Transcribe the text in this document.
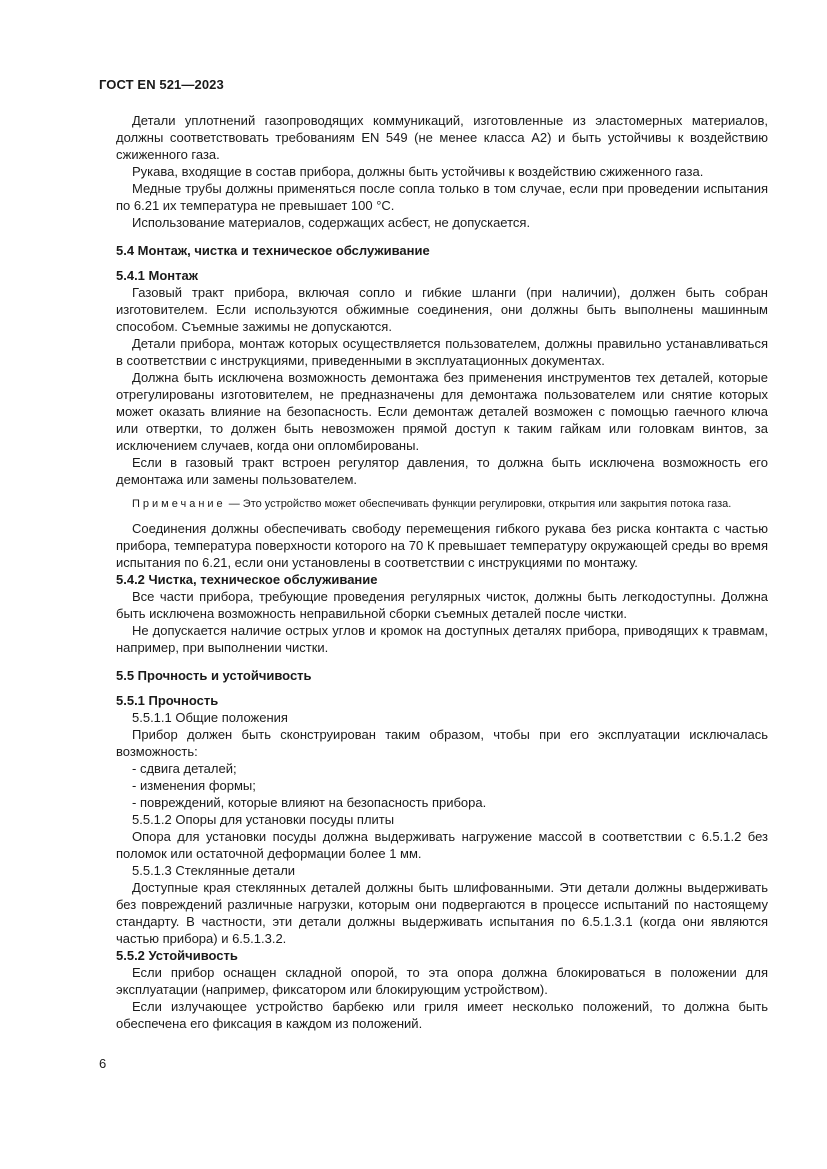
ГОСТ EN 521—2023

Детали уплотнений газопроводящих коммуникаций, изготовленные из эластомерных материалов, должны соответствовать требованиям EN 549 (не менее класса А2) и быть устойчивы к воздействию сжиженного газа.

Рукава, входящие в состав прибора, должны быть устойчивы к воздействию сжиженного газа.

Медные трубы должны применяться после сопла только в том случае, если при проведении испытания по 6.21 их температура не превышает 100 °С.

Использование материалов, содержащих асбест, не допускается.

5.4 Монтаж, чистка и техническое обслуживание

5.4.1 Монтаж

Газовый тракт прибора, включая сопло и гибкие шланги (при наличии), должен быть собран изготовителем. Если используются обжимные соединения, они должны быть выполнены машинным способом. Съемные зажимы не допускаются.

Детали прибора, монтаж которых осуществляется пользователем, должны правильно устанавливаться в соответствии с инструкциями, приведенными в эксплуатационных документах.

Должна быть исключена возможность демонтажа без применения инструментов тех деталей, которые отрегулированы изготовителем, не предназначены для демонтажа пользователем или снятие которых может оказать влияние на безопасность. Если демонтаж деталей возможен с помощью гаечного ключа или отвертки, то должен быть невозможен прямой доступ к таким гайкам или головкам винтов, за исключением случаев, когда они опломбированы.

Если в газовый тракт встроен регулятор давления, то должна быть исключена возможность его демонтажа или замены пользователем.

Примечание — Это устройство может обеспечивать функции регулировки, открытия или закрытия потока газа.

Соединения должны обеспечивать свободу перемещения гибкого рукава без риска контакта с частью прибора, температура поверхности которого на 70 К превышает температуру окружающей среды во время испытания по 6.21, если они установлены в соответствии с инструкциями по монтажу.

5.4.2 Чистка, техническое обслуживание

Все части прибора, требующие проведения регулярных чисток, должны быть легкодоступны. Должна быть исключена возможность неправильной сборки съемных деталей после чистки.

Не допускается наличие острых углов и кромок на доступных деталях прибора, приводящих к травмам, например, при выполнении чистки.

5.5 Прочность и устойчивость

5.5.1 Прочность

5.5.1.1 Общие положения

Прибор должен быть сконструирован таким образом, чтобы при его эксплуатации исключалась возможность:

- сдвига деталей;

- изменения формы;

- повреждений, которые влияют на безопасность прибора.

5.5.1.2 Опоры для установки посуды плиты

Опора для установки посуды должна выдерживать нагружение массой в соответствии с 6.5.1.2 без поломок или остаточной деформации более 1 мм.

5.5.1.3 Стеклянные детали

Доступные края стеклянных деталей должны быть шлифованными. Эти детали должны выдерживать без повреждений различные нагрузки, которым они подвергаются в процессе испытаний по настоящему стандарту. В частности, эти детали должны выдерживать испытания по 6.5.1.3.1 (когда они являются частью прибора) и 6.5.1.3.2.

5.5.2 Устойчивость

Если прибор оснащен складной опорой, то эта опора должна блокироваться в положении для эксплуатации (например, фиксатором или блокирующим устройством).

Если излучающее устройство барбекю или гриля имеет несколько положений, то должна быть обеспечена его фиксация в каждом из положений.

6
